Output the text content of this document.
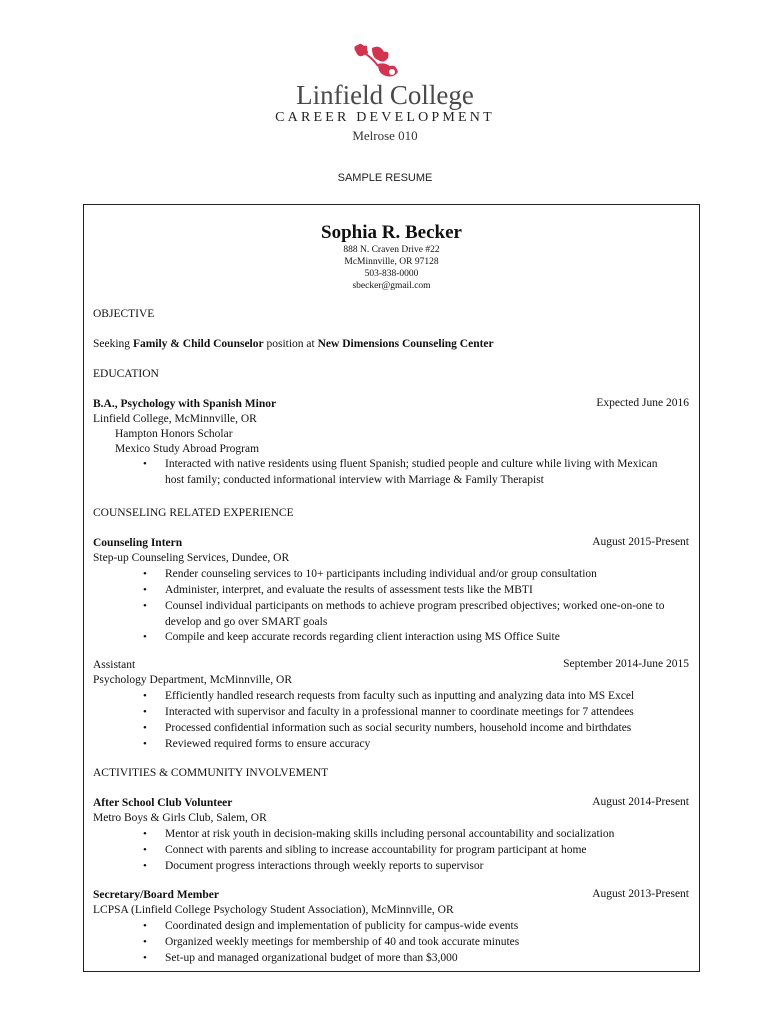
Linfield College
CAREER DEVELOPMENT
Melrose 010
SAMPLE RESUME
Sophia R. Becker
888 N. Craven Drive #22
McMinnville, OR 97128
503-838-0000
sbecker@gmail.com
OBJECTIVE
Seeking Family & Child Counselor position at New Dimensions Counseling Center
EDUCATION
B.A., Psychology with Spanish Minor	Expected June 2016
Linfield College, McMinnville, OR
Hampton Honors Scholar
Mexico Study Abroad Program
• Interacted with native residents using fluent Spanish; studied people and culture while living with Mexican host family; conducted informational interview with Marriage & Family Therapist
COUNSELING RELATED EXPERIENCE
Counseling Intern	August 2015-Present
Step-up Counseling Services, Dundee, OR
• Render counseling services to 10+ participants including individual and/or group consultation
• Administer, interpret, and evaluate the results of assessment tests like the MBTI
• Counsel individual participants on methods to achieve program prescribed objectives; worked one-on-one to develop and go over SMART goals
• Compile and keep accurate records regarding client interaction using MS Office Suite
Assistant	September 2014-June 2015
Psychology Department, McMinnville, OR
• Efficiently handled research requests from faculty such as inputting and analyzing data into MS Excel
• Interacted with supervisor and faculty in a professional manner to coordinate meetings for 7 attendees
• Processed confidential information such as social security numbers, household income and birthdates
• Reviewed required forms to ensure accuracy
ACTIVITIES & COMMUNITY INVOLVEMENT
After School Club Volunteer	August 2014-Present
Metro Boys & Girls Club, Salem, OR
• Mentor at risk youth in decision-making skills including personal accountability and socialization
• Connect with parents and sibling to increase accountability for program participant at home
• Document progress interactions through weekly reports to supervisor
Secretary/Board Member	August 2013-Present
LCPSA (Linfield College Psychology Student Association), McMinnville, OR
• Coordinated design and implementation of publicity for campus-wide events
• Organized weekly meetings for membership of 40 and took accurate minutes
• Set-up and managed organizational budget of more than $3,000
